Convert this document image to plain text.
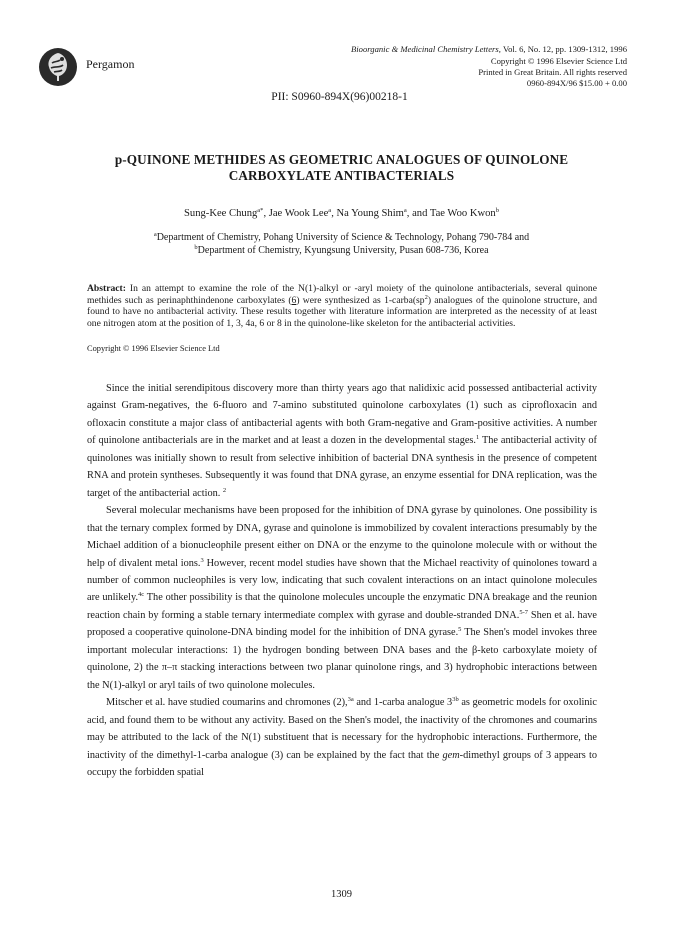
Pergamon
Bioorganic & Medicinal Chemistry Letters, Vol. 6, No. 12, pp. 1309-1312, 1996
Copyright © 1996 Elsevier Science Ltd
Printed in Great Britain. All rights reserved
0960-894X/96 $15.00 + 0.00
PII: S0960-894X(96)00218-1
p-QUINONE METHIDES AS GEOMETRIC ANALOGUES OF QUINOLONE
CARBOXYLATE ANTIBACTERIALS
Sung-Kee Chung$^{a*}$, Jae Wook Lee$^a$, Na Young Shim$^a$, and Tae Woo Kwon$^b$
$^a$Department of Chemistry, Pohang University of Science & Technology, Pohang 790-784 and
$^b$Department of Chemistry, Kyungsung University, Pusan 608-736, Korea
Abstract: In an attempt to examine the role of the N(1)-alkyl or -aryl moiety of the quinolone antibacterials, several quinone methides such as perinaphthindenone carboxylates (6) were synthesized as $1-carba(sp^2)$ analogues of the quinolone structure, and found to have no antibacterial activity. These results together with literature information are interpreted as the necessity of at least one nitrogen atom at the position of 1, 3, 4a, 6 or 8 in the quinolone-like skeleton for the antibacterial activities.
Copyright © 1996 Elsevier Science Ltd

Since the initial serendipitous discovery more than thirty years ago that nalidixic acid possessed antibacterial activity against Gram-negatives, the 6-fluoro and 7-amino substituted quinolone carboxylates (1) such as ciprofloxacin and ofloxacin constitute a major class of antibacterial agents with both Gram-negative and Gram-positive activities. A number of quinolone antibacterials are in the market and at least a dozen in the developmental stages.$^1$ The antibacterial activity of quinolones was initially shown to result from selective inhibition of bacterial DNA synthesis in the presence of competent RNA and protein syntheses. Subsequently it was found that DNA gyrase, an enzyme essential for DNA replication, was the target of the antibacterial action. $^2$

Several molecular mechanisms have been proposed for the inhibition of DNA gyrase by quinolones. One possibility is that the ternary complex formed by DNA, gyrase and quinolone is immobilized by covalent interactions presumably by the Michael addition of a bionucleophile present either on DNA or the enzyme to the quinolone molecule with or without the help of divalent metal ions.$^3$ However, recent model studies have shown that the Michael reactivity of quinolones toward a number of common nucleophiles is very low, indicating that such covalent interactions on an intact quinolone molecules are unlikely.$^{4c}$ The other possibility is that the quinolone molecules uncouple the enzymatic DNA breakage and the reunion reaction chain by forming a stable ternary intermediate complex with gyrase and double-stranded DNA.$^{5-7}$ Shen et al. have proposed a cooperative quinolone-DNA binding model for the inhibition of DNA gyrase.$^5$ The Shen's model invokes three important molecular interactions: 1) the hydrogen bonding between DNA bases and the β-keto carboxylate moiety of quinolone, 2) the π–π stacking interactions between two planar quinolone rings, and 3) hydrophobic interactions between the N(1)-alkyl or aryl tails of two quinolone molecules.

Mitscher et al. have studied coumarins and chromones (2),$^{3a}$ and 1-carba analogue $3^{3b}$ as geometric models for oxolinic acid, and found them to be without any activity. Based on the Shen's model, the inactivity of the chromones and coumarins may be attributed to the lack of the N(1) substituent that is necessary for the hydrophobic interactions. Furthermore, the inactivity of the dimethyl-1-carba analogue (3) can be explained by the fact that the gem-dimethyl groups of 3 appears to occupy the forbidden spatial

1309
